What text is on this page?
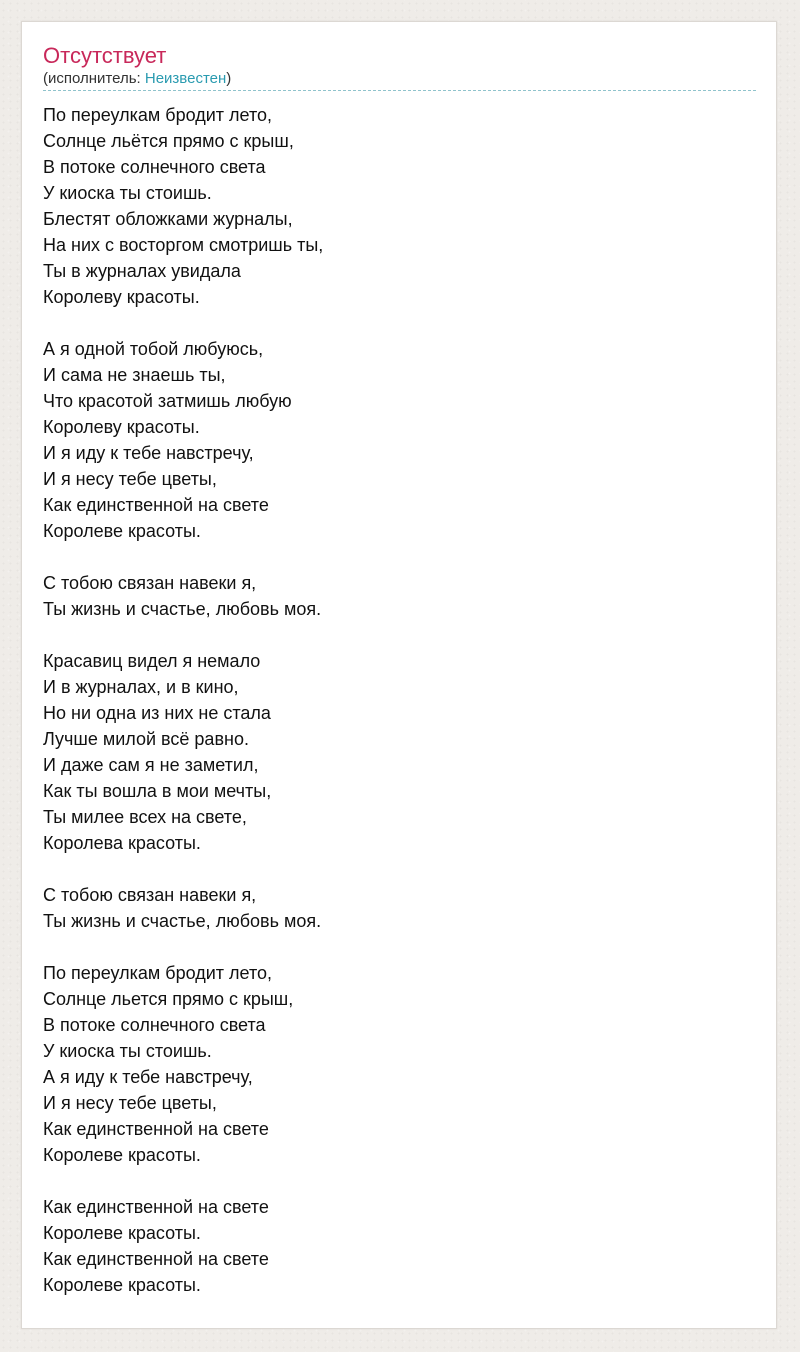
Отсутствует
(исполнитель: Неизвестен)
По переулкам бродит лето,
Солнце льётся прямо с крыш,
В потоке солнечного света
У киоска ты стоишь.
Блестят обложками журналы,
На них с восторгом смотришь ты,
Ты в журналах увидала
Королеву красоты.
А я одной тобой любуюсь,
И сама не знаешь ты,
Что красотой затмишь любую
Королеву красоты.
И я иду к тебе навстречу,
И я несу тебе цветы,
Как единственной на свете
Королеве красоты.
С тобою связан навеки я,
Ты жизнь и счастье, любовь моя.
Красавиц видел я немало
И в журналах, и в кино,
Но ни одна из них не стала
Лучше милой всё равно.
И даже сам я не заметил,
Как ты вошла в мои мечты,
Ты милее всех на свете,
Королева красоты.
С тобою связан навеки я,
Ты жизнь и счастье, любовь моя.
По переулкам бродит лето,
Солнце льется прямо с крыш,
В потоке солнечного света
У киоска ты стоишь.
А я иду к тебе навстречу,
И я несу тебе цветы,
Как единственной на свете
Королеве красоты.
Как единственной на свете
Королеве красоты.
Как единственной на свете
Королеве красоты.
